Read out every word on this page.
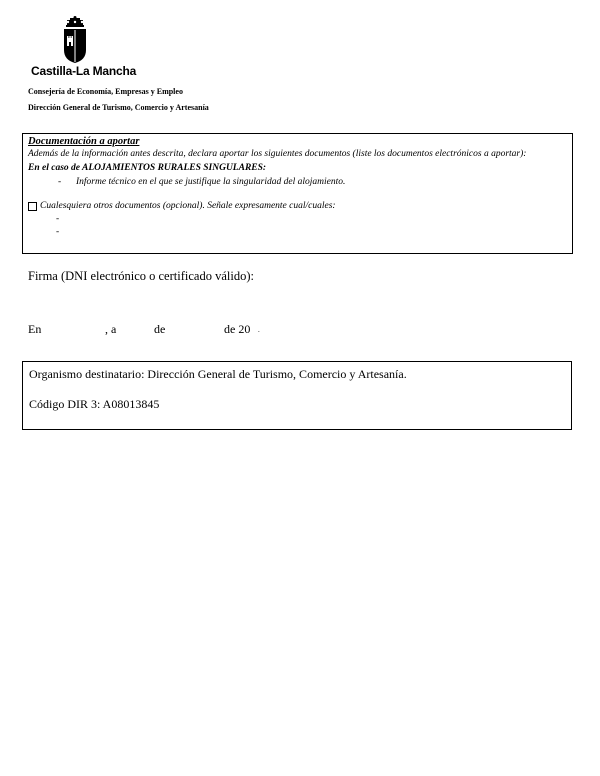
Castilla-La Mancha
Consejería de Economía, Empresas y Empleo
Dirección General de Turismo, Comercio y Artesanía
Documentación a aportar
Además de la información antes descrita, declara aportar los siguientes documentos (liste los documentos electrónicos a aportar):
En el caso de ALOJAMIENTOS RURALES SINGULARES:
-	Informe técnico en el que se justifique la singularidad del alojamiento.
Cualesquiera otros documentos (opcional). Señale expresamente cual/cuales:
-
-
Firma (DNI electrónico o certificado válido):
En	, a	de	de 20 .
Organismo destinatario: Dirección General de Turismo, Comercio y Artesanía.
Código DIR 3: A08013845
